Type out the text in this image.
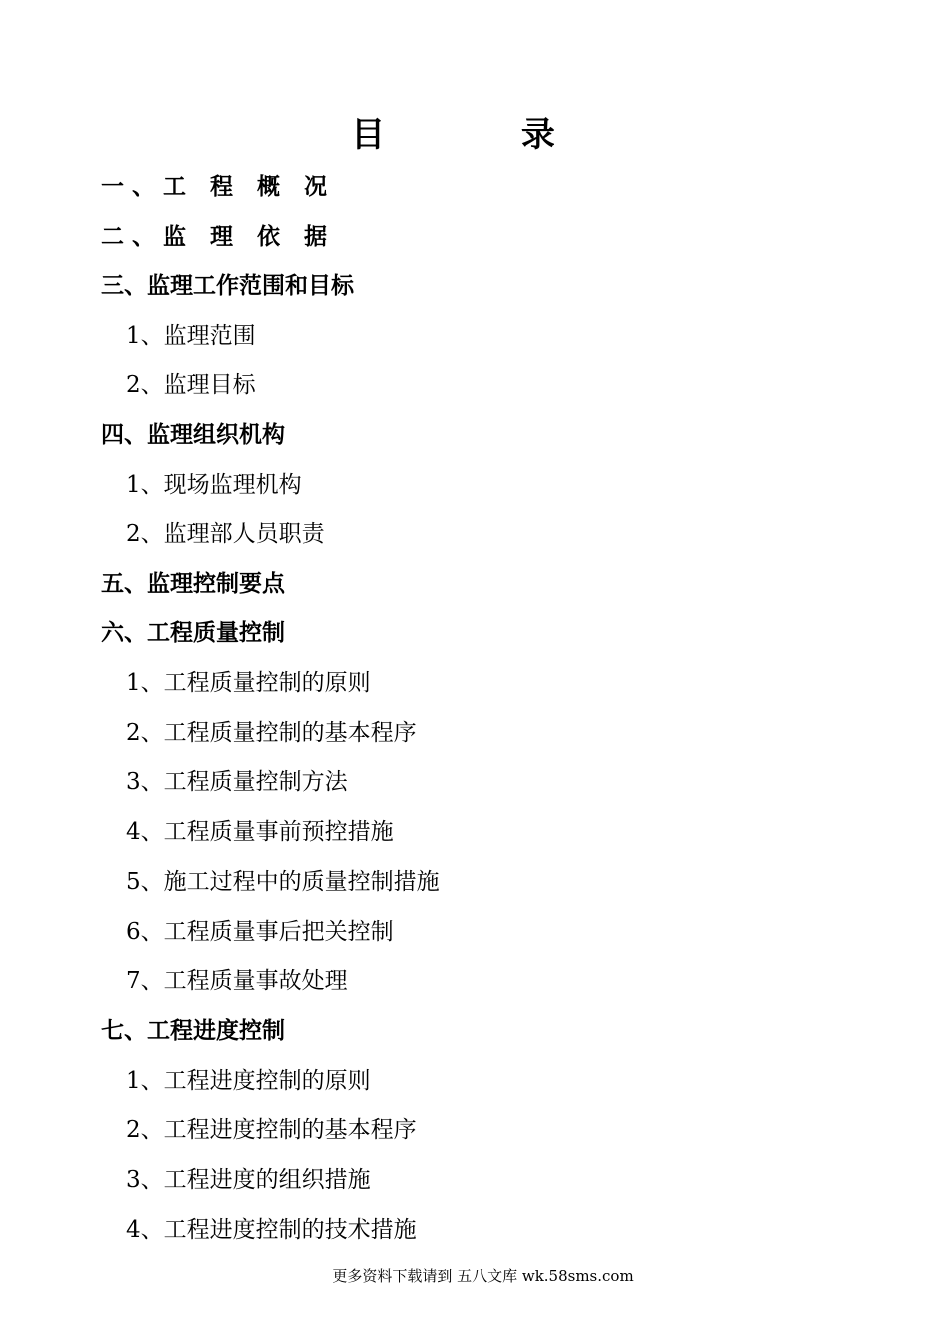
目 录
一、工 程 概 况
二、监 理 依 据
三、监理工作范围和目标
1、监理范围
2、监理目标
四、监理组织机构
1、现场监理机构
2、监理部人员职责
五、监理控制要点
六、工程质量控制
1、工程质量控制的原则
2、工程质量控制的基本程序
3、工程质量控制方法
4、工程质量事前预控措施
5、施工过程中的质量控制措施
6、工程质量事后把关控制
7、工程质量事故处理
七、工程进度控制
1、工程进度控制的原则
2、工程进度控制的基本程序
3、工程进度的组织措施
4、工程进度控制的技术措施
更多资料下载请到 五八文库 wk.58sms.com
